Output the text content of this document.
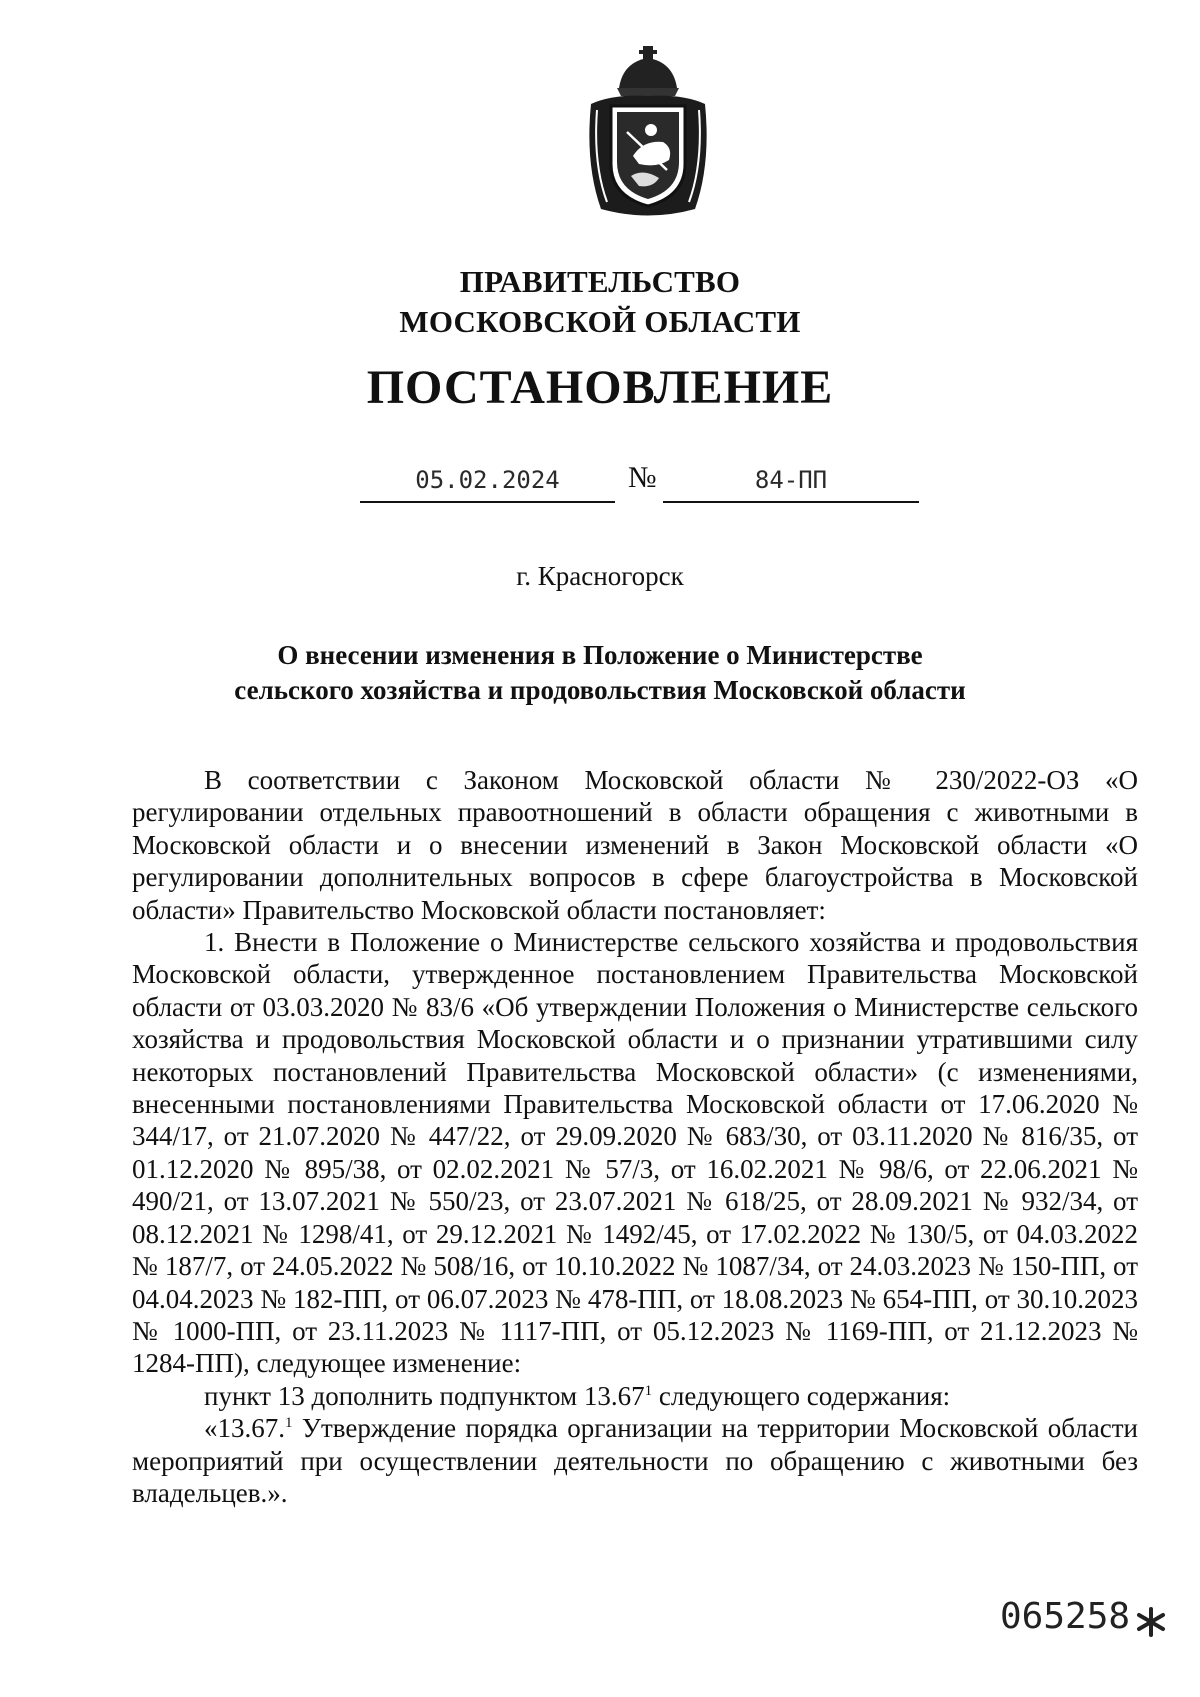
ПРАВИТЕЛЬСТВО
МОСКОВСКОЙ ОБЛАСТИ
ПОСТАНОВЛЕНИЕ
05.02.2024	№	84-ПП
г. Красногорск
О внесении изменения в Положение о Министерстве
сельского хозяйства и продовольствия Московской области

В соответствии с Законом Московской области № 230/2022-ОЗ «О регулировании отдельных правоотношений в области обращения с животными в Московской области и о внесении изменений в Закон Московской области «О регулировании дополнительных вопросов в сфере благоустройства в Московской области» Правительство Московской области постановляет:

1. Внести в Положение о Министерстве сельского хозяйства и продовольствия Московской области, утвержденное постановлением Правительства Московской области от 03.03.2020 № 83/6 «Об утверждении Положения о Министерстве сельского хозяйства и продовольствия Московской области и о признании утратившими силу некоторых постановлений Правительства Московской области» (с изменениями, внесенными постановлениями Правительства Московской области от 17.06.2020 № 344/17, от 21.07.2020 № 447/22, от 29.09.2020 № 683/30, от 03.11.2020 № 816/35, от 01.12.2020 № 895/38, от 02.02.2021 № 57/3, от 16.02.2021 № 98/6, от 22.06.2021 № 490/21, от 13.07.2021 № 550/23, от 23.07.2021 № 618/25, от 28.09.2021 № 932/34, от 08.12.2021 № 1298/41, от 29.12.2021 № 1492/45, от 17.02.2022 № 130/5, от 04.03.2022 № 187/7, от 24.05.2022 № 508/16, от 10.10.2022 № 1087/34, от 24.03.2023 № 150-ПП, от 04.04.2023 № 182-ПП, от 06.07.2023 № 478-ПП, от 18.08.2023 № 654-ПП, от 30.10.2023 № 1000-ПП, от 23.11.2023 № 1117-ПП, от 05.12.2023 № 1169-ПП, от 21.12.2023 № 1284-ПП), следующее изменение:

пункт 13 дополнить подпунктом 13.67$^1$ следующего содержания:

«13.67.$^1$ Утверждение порядка организации на территории Московской области мероприятий при осуществлении деятельности по обращению с животными без владельцев.».

065258
